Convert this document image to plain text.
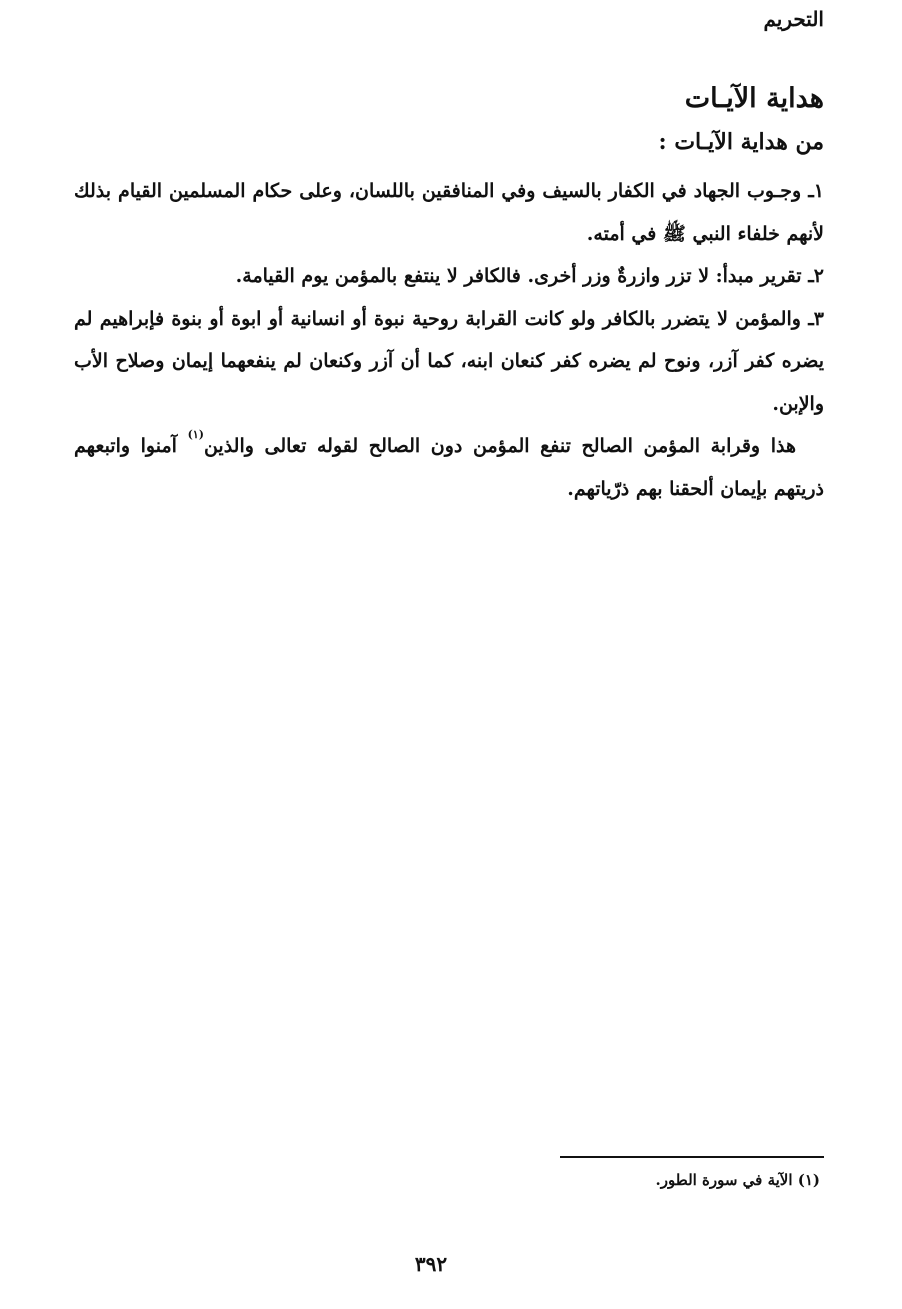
التحريم
هداية الآيـات
من هداية الآيـات :

١ـ وجـوب الجهاد في الكفار بالسيف وفي المنافقين باللسان، وعلى حكام المسلمين القيام بذلك لأنهم خلفاء النبي ﷺ في أمته.

٢ـ تقرير مبدأ: لا تزر وازرةٌ وزر أخرى. فالكافر لا ينتفع بالمؤمن يوم القيامة.

٣ـ والمؤمن لا يتضرر بالكافر ولو كانت القرابة روحية نبوة أو انسانية أو ابوة أو بنوة فإبراهيم لم يضره كفر آزر، ونوح لم يضره كفر كنعان ابنه، كما أن آزر وكنعان لم ينفعهما إيمان وصلاح الأب والإبن.

هذا وقرابة المؤمن الصالح تنفع المؤمن دون الصالح لقوله تعالى والذين$^{(١)}$ آمنوا واتبعهم ذريتهم بإيمان ألحقنا بهم ذرّياتهم.

(١) الآية في سورة الطور.
٣٩٢
